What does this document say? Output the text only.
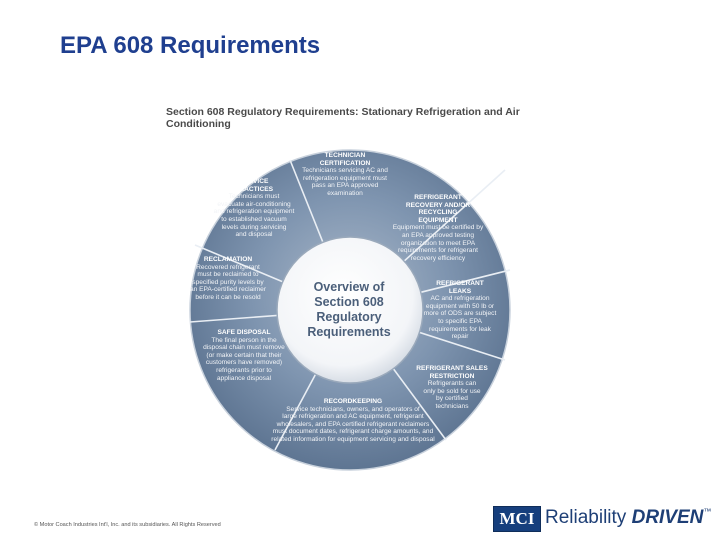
EPA 608 Requirements
Section 608 Regulatory Requirements: Stationary Refrigeration and Air Conditioning
Overview of
Section 608
Regulatory
Requirements
TECHNICIAN
CERTIFICATION
Technicians servicing AC and
refrigeration equipment must
pass an EPA approved
examination
REFRIGERANT
RECOVERY AND/OR
RECYCLING
EQUIPMENT
Equipment must be certified by
an EPA approved testing
organization to meet EPA
requirements for refrigerant
recovery efficiency
REFRIGERANT
LEAKS
AC and refrigeration
equipment with 50 lb or
more of ODS are subject
to specific EPA
requirements for leak
repair
REFRIGERANT SALES
RESTRICTION
Refrigerants can
only be sold for use
by certified
technicians
RECORDKEEPING
Service technicians, owners, and operators of
large refrigeration and AC equipment, refrigerant
wholesalers, and EPA certified refrigerant reclaimers
must document dates, refrigerant charge amounts, and
related information for equipment servicing and disposal
SAFE DISPOSAL
The final person in the
disposal chain must remove
(or make certain that their
customers have removed)
refrigerants prior to
appliance disposal
RECLAMATION
Recovered refrigerant
must be reclaimed to
specified purity levels by
an EPA-certified reclaimer
before it can be resold
SERVICE
PRACTICES
Technicians must
evacuate air-conditioning
and refrigeration equipment
to established vacuum
levels during servicing
and disposal
© Motor Coach Industries Int'l, Inc. and its subsidiaries. All Rights Reserved	MCI Reliability DRIVEN™
